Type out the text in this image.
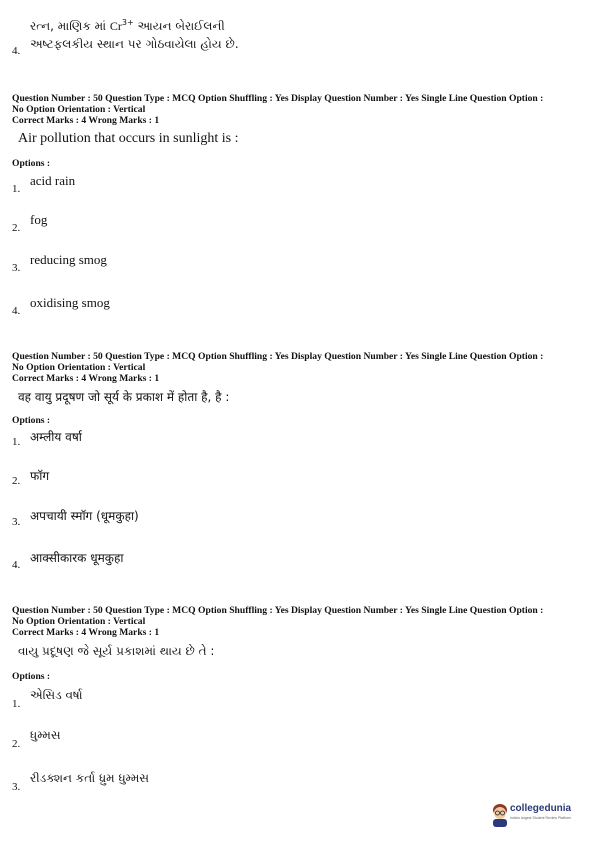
રત્ન, માણિક માં $Cr^{3+}$ આયન બેરાઈલની
અષ્ટફલકીય સ્થાન પર ગોઠવાયેલા હોય છે.
4.
Question Number : 50 Question Type : MCQ Option Shuffling : Yes Display Question Number : Yes Single Line Question Option :
No Option Orientation : Vertical
Correct Marks : 4 Wrong Marks : 1
Air pollution that occurs in sunlight is :
Options :
acid rain
1.
fog
2.
reducing smog
3.
oxidising smog
4.
Question Number : 50 Question Type : MCQ Option Shuffling : Yes Display Question Number : Yes Single Line Question Option :
No Option Orientation : Vertical
Correct Marks : 4 Wrong Marks : 1
वह वायु प्रदूषण जो सूर्य के प्रकाश में होता है, है :
Options :
अम्लीय वर्षा
1.
फॉग
2.
अपचायी स्मॉग (धूमकुहा)
3.
आक्सीकारक धूमकुहा
4.
Question Number : 50 Question Type : MCQ Option Shuffling : Yes Display Question Number : Yes Single Line Question Option :
No Option Orientation : Vertical
Correct Marks : 4 Wrong Marks : 1
વાયુ પ્રદૂષણ જે સૂર્ય પ્રકાશમાં થાય છે તે :
Options :
એસિડ વર્ષા
1.
ધુમ્મસ
2.
રીડક્શન કર્તા ધ્રુમ ધુમ્મસ
3.
collegedunia
India's largest Student Review Platform
